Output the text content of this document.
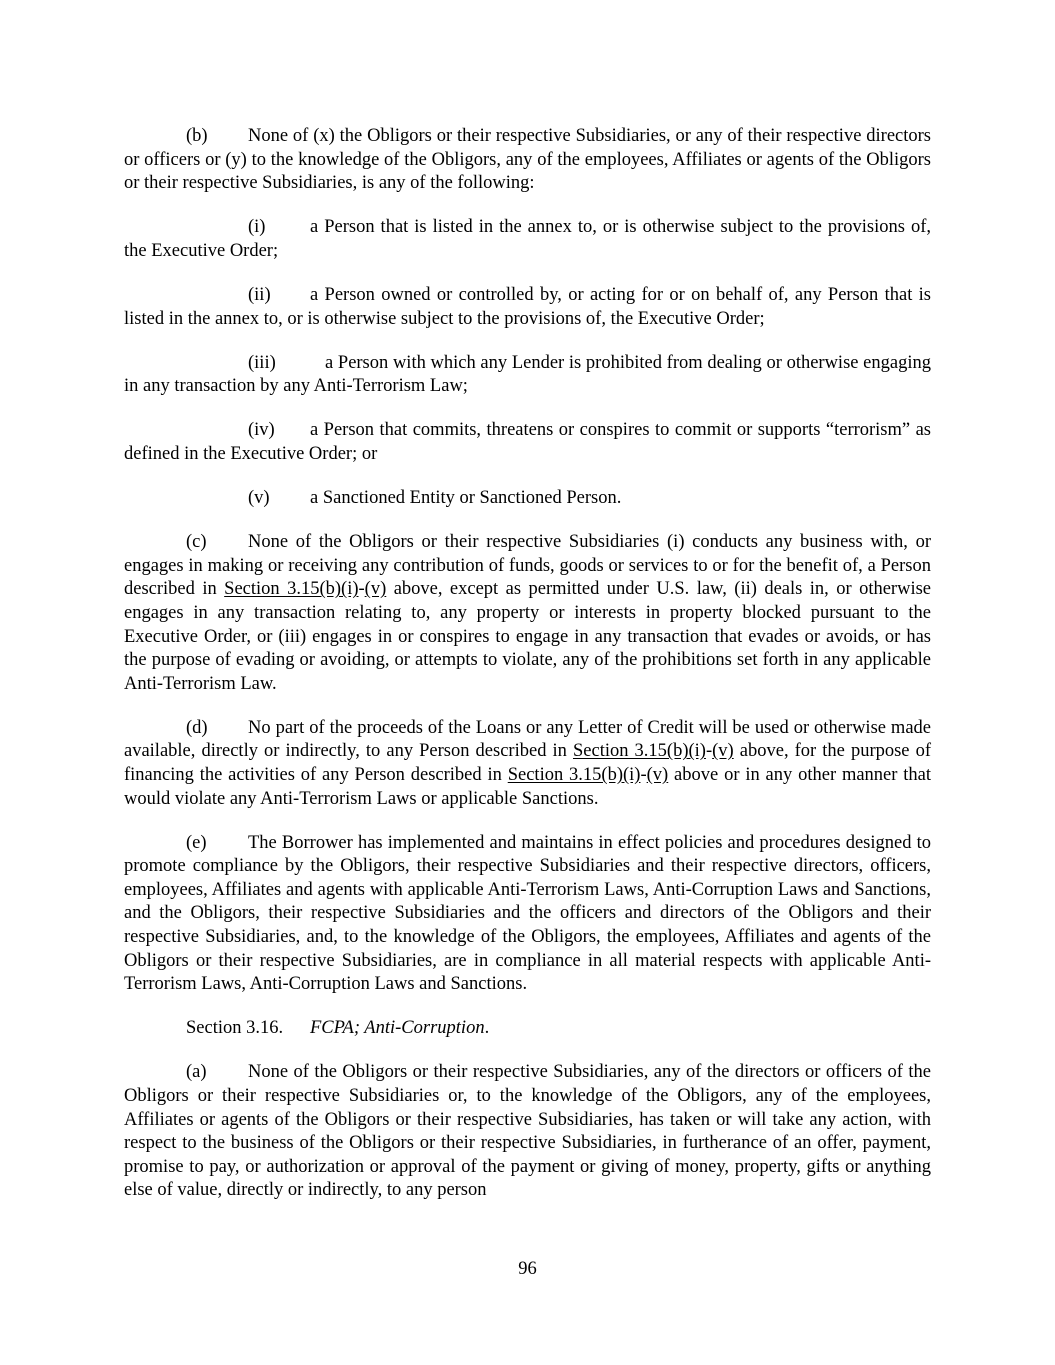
(b) None of (x) the Obligors or their respective Subsidiaries, or any of their respective directors or officers or (y) to the knowledge of the Obligors, any of the employees, Affiliates or agents of the Obligors or their respective Subsidiaries, is any of the following:

(i) a Person that is listed in the annex to, or is otherwise subject to the provisions of, the Executive Order;

(ii) a Person owned or controlled by, or acting for or on behalf of, any Person that is listed in the annex to, or is otherwise subject to the provisions of, the Executive Order;

(iii)	a Person with which any Lender is prohibited from dealing or otherwise engaging in any transaction by any Anti-Terrorism Law;

(iv) a Person that commits, threatens or conspires to commit or supports “terrorism” as defined in the Executive Order; or

(v) a Sanctioned Entity or Sanctioned Person.

(c) None of the Obligors or their respective Subsidiaries (i) conducts any business with, or engages in making or receiving any contribution of funds, goods or services to or for the benefit of, a Person described in Section 3.15(b)(i)-(v) above, except as permitted under U.S. law, (ii) deals in, or otherwise engages in any transaction relating to, any property or interests in property blocked pursuant to the Executive Order, or (iii) engages in or conspires to engage in any transaction that evades or avoids, or has the purpose of evading or avoiding, or attempts to violate, any of the prohibitions set forth in any applicable Anti-Terrorism Law.

(d) No part of the proceeds of the Loans or any Letter of Credit will be used or otherwise made available, directly or indirectly, to any Person described in Section 3.15(b)(i)-(v) above, for the purpose of financing the activities of any Person described in Section 3.15(b)(i)-(v) above or in any other manner that would violate any Anti-Terrorism Laws or applicable Sanctions.

(e) The Borrower has implemented and maintains in effect policies and procedures designed to promote compliance by the Obligors, their respective Subsidiaries and their respective directors, officers, employees, Affiliates and agents with applicable Anti-Terrorism Laws, Anti-Corruption Laws and Sanctions, and the Obligors, their respective Subsidiaries and the officers and directors of the Obligors and their respective Subsidiaries, and, to the knowledge of the Obligors, the employees, Affiliates and agents of the Obligors or their respective Subsidiaries, are in compliance in all material respects with applicable Anti-Terrorism Laws, Anti-Corruption Laws and Sanctions.

Section 3.16. FCPA; Anti-Corruption.

(a) None of the Obligors or their respective Subsidiaries, any of the directors or officers of the Obligors or their respective Subsidiaries or, to the knowledge of the Obligors, any of the employees, Affiliates or agents of the Obligors or their respective Subsidiaries, has taken or will take any action, with respect to the business of the Obligors or their respective Subsidiaries, in furtherance of an offer, payment, promise to pay, or authorization or approval of the payment or giving of money, property, gifts or anything else of value, directly or indirectly, to any person

96
